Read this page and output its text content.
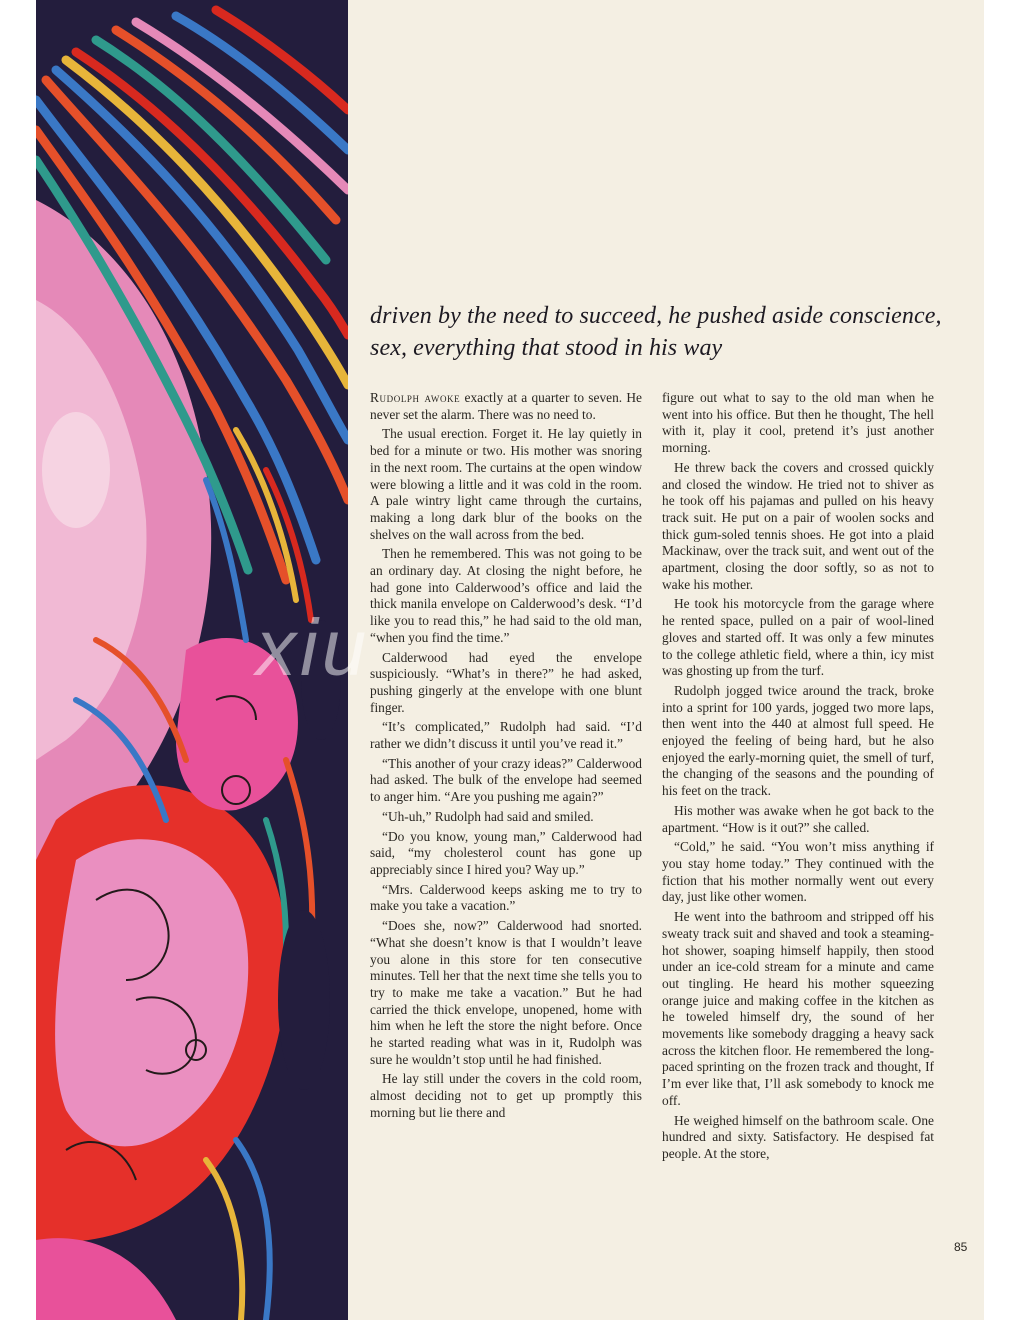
driven by the need to succeed, he pushed aside conscience, sex, everything that stood in his way

Rudolph awoke exactly at a quarter to seven. He never set the alarm. There was no need to.

The usual erection. Forget it. He lay quietly in bed for a minute or two. His mother was snoring in the next room. The curtains at the open window were blowing a little and it was cold in the room. A pale wintry light came through the curtains, making a long dark blur of the books on the shelves on the wall across from the bed.

Then he remembered. This was not going to be an ordinary day. At closing the night before, he had gone into Calderwood’s office and laid the thick manila envelope on Calderwood’s desk. “I’d like you to read this,” he had said to the old man, “when you find the time.”

Calderwood had eyed the envelope suspiciously. “What’s in there?” he had asked, pushing gingerly at the envelope with one blunt finger.

“It’s complicated,” Rudolph had said. “I’d rather we didn’t discuss it until you’ve read it.”

“This another of your crazy ideas?” Calderwood had asked. The bulk of the envelope had seemed to anger him. “Are you pushing me again?”

“Uh-uh,” Rudolph had said and smiled.

“Do you know, young man,” Calderwood had said, “my cholesterol count has gone up appreciably since I hired you? Way up.”

“Mrs. Calderwood keeps asking me to try to make you take a vacation.”

“Does she, now?” Calderwood had snorted. “What she doesn’t know is that I wouldn’t leave you alone in this store for ten consecutive minutes. Tell her that the next time she tells you to try to make me take a vacation.” But he had carried the thick envelope, unopened, home with him when he left the store the night before. Once he started reading what was in it, Rudolph was sure he wouldn’t stop until he had finished.

He lay still under the covers in the cold room, almost deciding not to get up promptly this morning but lie there and

figure out what to say to the old man when he went into his office. But then he thought, The hell with it, play it cool, pretend it’s just another morning.

He threw back the covers and crossed quickly and closed the window. He tried not to shiver as he took off his pajamas and pulled on his heavy track suit. He put on a pair of woolen socks and thick gum-soled tennis shoes. He got into a plaid Mackinaw, over the track suit, and went out of the apartment, closing the door softly, so as not to wake his mother.

He took his motorcycle from the garage where he rented space, pulled on a pair of wool-lined gloves and started off. It was only a few minutes to the college athletic field, where a thin, icy mist was ghosting up from the turf.

Rudolph jogged twice around the track, broke into a sprint for 100 yards, jogged two more laps, then went into the 440 at almost full speed. He enjoyed the feeling of being hard, but he also enjoyed the early-morning quiet, the smell of turf, the changing of the seasons and the pounding of his feet on the track.

His mother was awake when he got back to the apartment. “How is it out?” she called.

“Cold,” he said. “You won’t miss anything if you stay home today.” They continued with the fiction that his mother normally went out every day, just like other women.

He went into the bathroom and stripped off his sweaty track suit and shaved and took a steaming-hot shower, soaping himself happily, then stood under an ice-cold stream for a minute and came out tingling. He heard his mother squeezing orange juice and making coffee in the kitchen as he toweled himself dry, the sound of her movements like somebody dragging a heavy sack across the kitchen floor. He remembered the long-paced sprinting on the frozen track and thought, If I’m ever like that, I’ll ask somebody to knock me off.

He weighed himself on the bathroom scale. One hundred and sixty. Satisfactory. He despised fat people. At the store,

85
xiu
